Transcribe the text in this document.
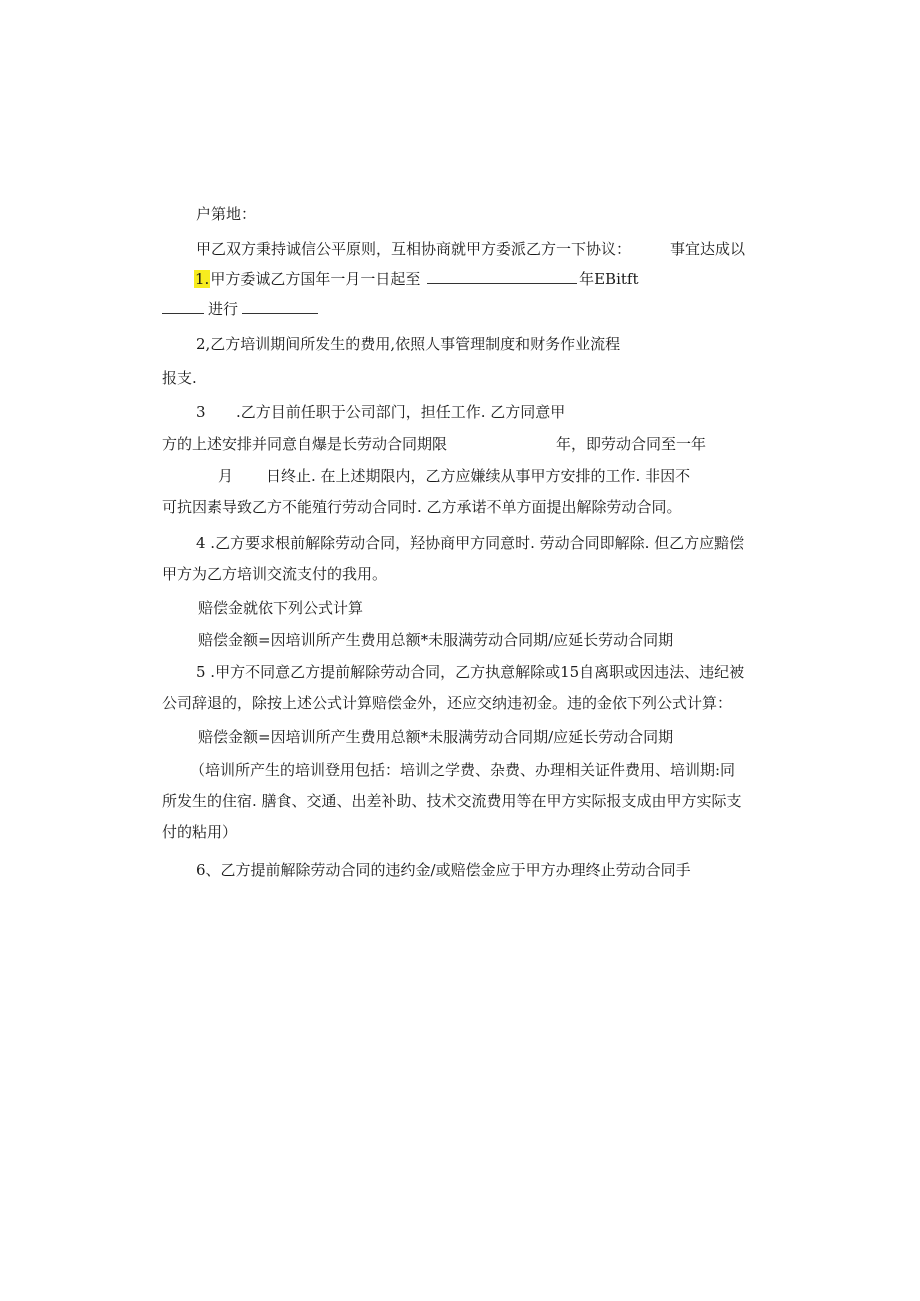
户第地：
甲乙双方秉持诚信公平原则，互相协商就甲方委派乙方一下协议：	事宜达成以
1.甲方委诚乙方国年一月一日起至	年EBitft
进行
2,乙方培训期间所发生的费用,依照人事管理制度和财务作业流程
报支.
3 .乙方目前任职于公司部门，担任工作. 乙方同意甲
方的上述安排并同意自爆是长劳动合同期限	年，即劳动合同至一年
月 日终止. 在上述期限内，乙方应嫌续从事甲方安排的工作. 非因不
可抗因素导致乙方不能殖行劳动合同时. 乙方承诺不单方面提出解除劳动合同。
4 .乙方要求根前解除劳动合同，羟协商甲方同意时. 劳动合同即解除. 但乙方应黯偿
甲方为乙方培训交流支付的我用。
赔偿金就依下列公式计算
赔偿金额=因培训所产生费用总额*未服满劳动合同期/应延长劳动合同期
5 .甲方不同意乙方提前解除劳动合同，乙方执意解除或15自离职或因违法、违纪被
公司辞退的，除按上述公式计算赔偿金外，还应交纳违初金。违的金依下列公式计算：
赔偿金额=因培训所产生费用总额*未服满劳动合同期/应延长劳动合同期
（培训所产生的培训登用包括：培训之学费、杂费、办理相关证件费用、培训期:同
所发生的住宿. 膳食、交通、出差补助、技术交流费用等在甲方实际报支成由甲方实际支
付的粘用）
6、乙方提前解除劳动合同的违约金/或赔偿金应于甲方办理终止劳动合同手
